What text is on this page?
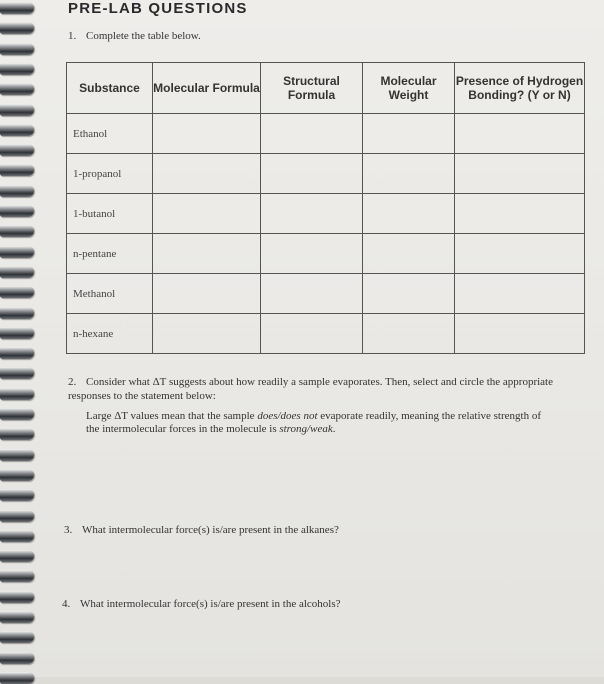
PRE-LAB QUESTIONS
1. Complete the table below.
Substance	Molecular Formula	Structural Formula	Molecular Weight	Presence of Hydrogen Bonding? (Y or N)
Ethanol				
1-propanol				
1-butanol				
n-pentane				
Methanol				
n-hexane				
2. Consider what ΔT suggests about how readily a sample evaporates. Then, select and circle the appropriate responses to the statement below:
Large ΔT values mean that the sample does/does not evaporate readily, meaning the relative strength of the intermolecular forces in the molecule is strong/weak.
3. What intermolecular force(s) is/are present in the alkanes?
4. What intermolecular force(s) is/are present in the alcohols?
